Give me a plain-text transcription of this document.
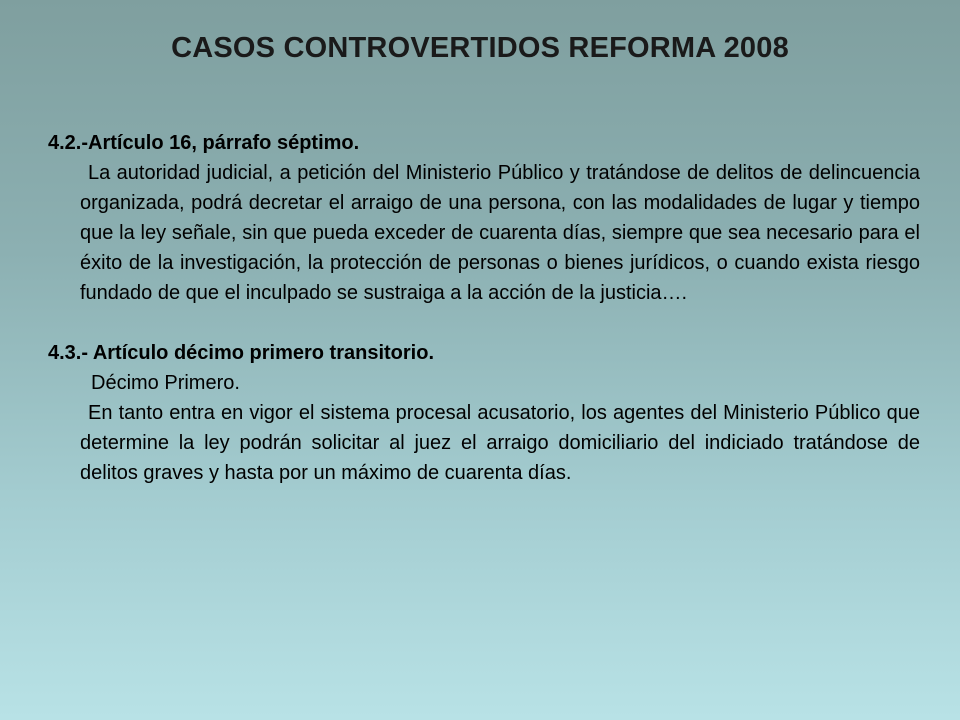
CASOS CONTROVERTIDOS REFORMA 2008

4.2.-Artículo 16, párrafo séptimo.

La autoridad judicial, a petición del Ministerio Público y tratándose de delitos de delincuencia organizada, podrá decretar el arraigo de una persona, con las modalidades de lugar y tiempo que la ley señale, sin que pueda exceder de cuarenta días, siempre que sea necesario para el éxito de la investigación, la protección de personas o bienes jurídicos, o cuando exista riesgo fundado de que el inculpado se sustraiga a la acción de la justicia….

4.3.- Artículo décimo primero transitorio.

Décimo Primero.

En tanto entra en vigor el sistema procesal acusatorio, los agentes del Ministerio Público que determine la ley podrán solicitar al juez el arraigo domiciliario del indiciado tratándose de delitos graves y hasta por un máximo de cuarenta días.
